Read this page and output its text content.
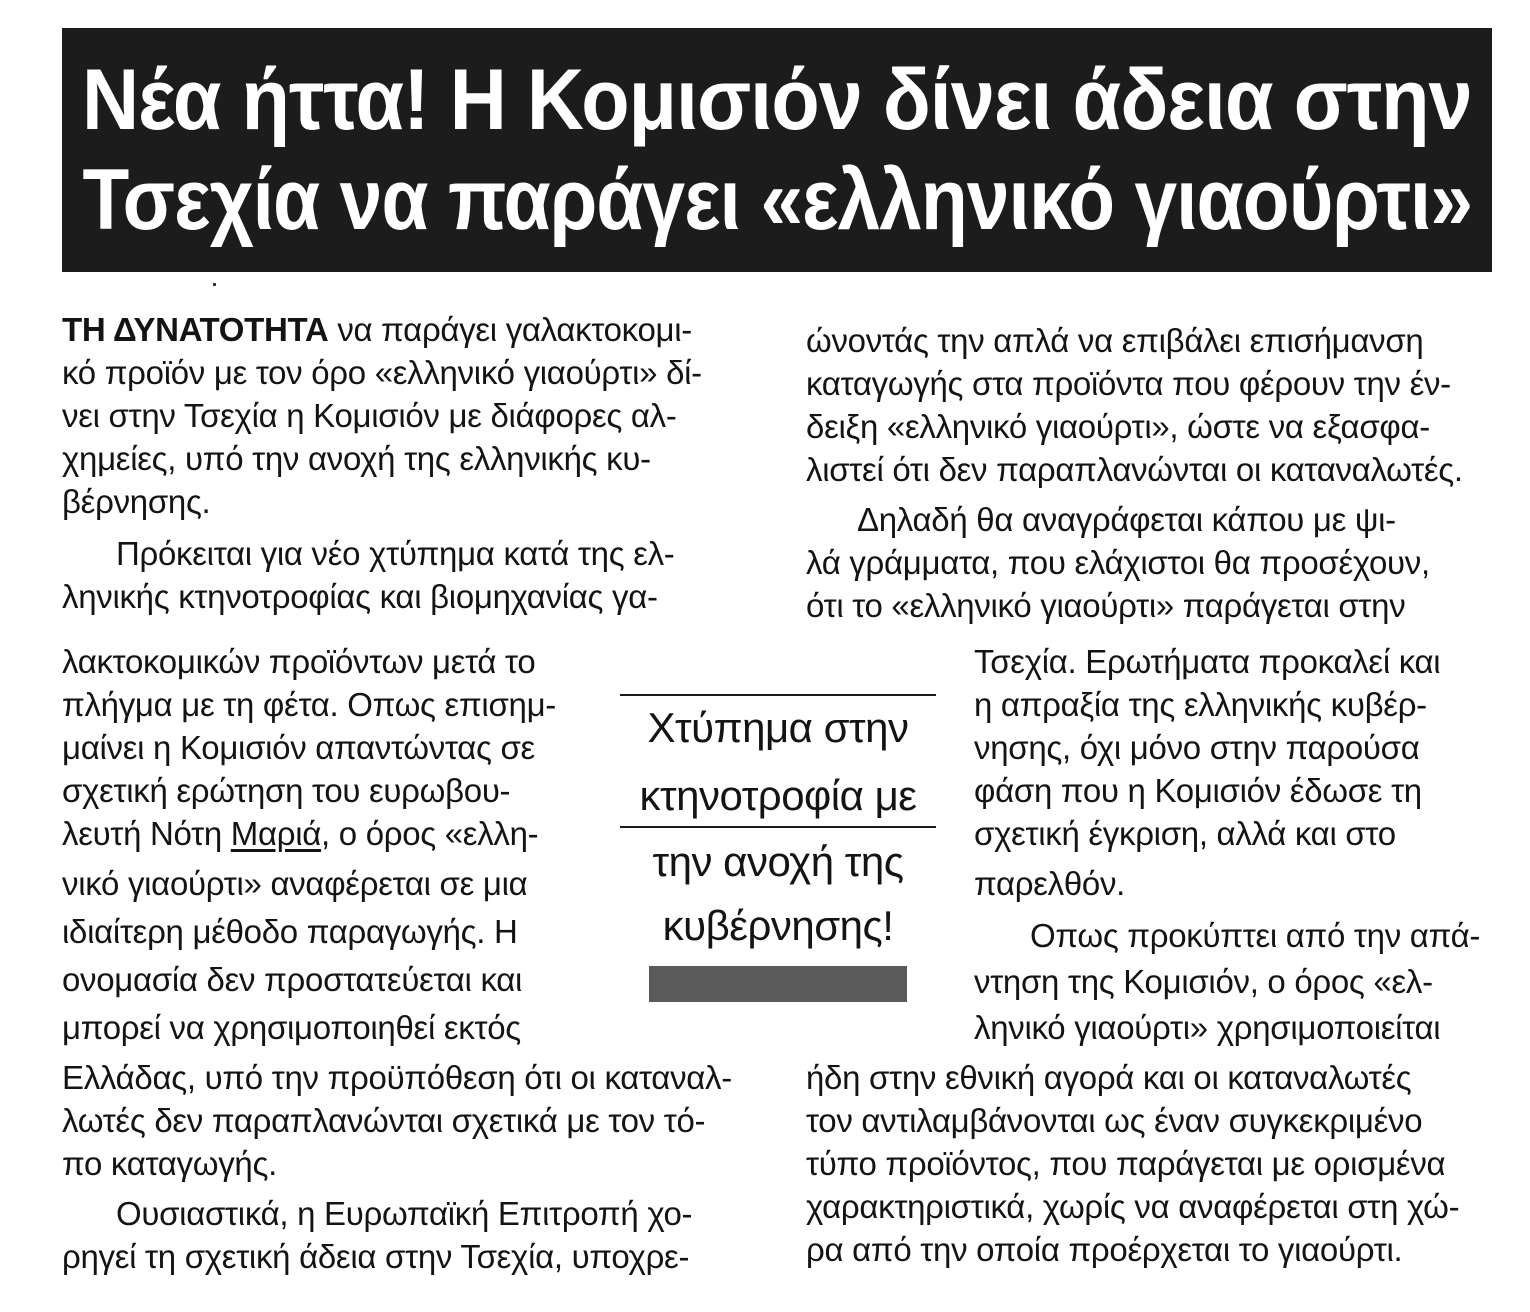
Νέα ήττα! Η Κομισιόν δίνει άδεια στην
Τσεχία να παράγει «ελληνικό γιαούρτι»
ΤΗ ΔΥΝΑΤΟΤΗΤΑ να παράγει γαλακτοκομι-
κό προϊόν με τον όρο «ελληνικό γιαούρτι» δί-
νει στην Τσεχία η Κομισιόν με διάφορες αλ-
χημείες, υπό την ανοχή της ελληνικής κυ-
βέρνησης.
Πρόκειται για νέο χτύπημα κατά της ελ-
ληνικής κτηνοτροφίας και βιομηχανίας γα-
λακτοκομικών προϊόντων μετά το
πλήγμα με τη φέτα. Οπως επισημ-
μαίνει η Κομισιόν απαντώντας σε
σχετική ερώτηση του ευρωβου-
λευτή Νότη Μαριά, ο όρος «ελλη-
νικό γιαούρτι» αναφέρεται σε μια
ιδιαίτερη μέθοδο παραγωγής. Η
ονομασία δεν προστατεύεται και
μπορεί να χρησιμοποιηθεί εκτός
Ελλάδας, υπό την προϋπόθεση ότι οι καταναλ-
λωτές δεν παραπλανώνται σχετικά με τον τό-
πο καταγωγής.
Ουσιαστικά, η Ευρωπαϊκή Επιτροπή χο-
ρηγεί τη σχετική άδεια στην Τσεχία, υποχρε-
Χτύπημα στην
κτηνοτροφία με
την ανοχή της
κυβέρνησης!
ώνοντάς την απλά να επιβάλει επισήμανση
καταγωγής στα προϊόντα που φέρουν την έν-
δειξη «ελληνικό γιαούρτι», ώστε να εξασφα-
λιστεί ότι δεν παραπλανώνται οι καταναλωτές.
Δηλαδή θα αναγράφεται κάπου με ψι-
λά γράμματα, που ελάχιστοι θα προσέχουν,
ότι το «ελληνικό γιαούρτι» παράγεται στην
Τσεχία. Ερωτήματα προκαλεί και
η απραξία της ελληνικής κυβέρ-
νησης, όχι μόνο στην παρούσα
φάση που η Κομισιόν έδωσε τη
σχετική έγκριση, αλλά και στο
παρελθόν.
Οπως προκύπτει από την απά-
ντηση της Κομισιόν, ο όρος «ελ-
ληνικό γιαούρτι» χρησιμοποιείται
ήδη στην εθνική αγορά και οι καταναλωτές
τον αντιλαμβάνονται ως έναν συγκεκριμένο
τύπο προϊόντος, που παράγεται με ορισμένα
χαρακτηριστικά, χωρίς να αναφέρεται στη χώ-
ρα από την οποία προέρχεται το γιαούρτι.
